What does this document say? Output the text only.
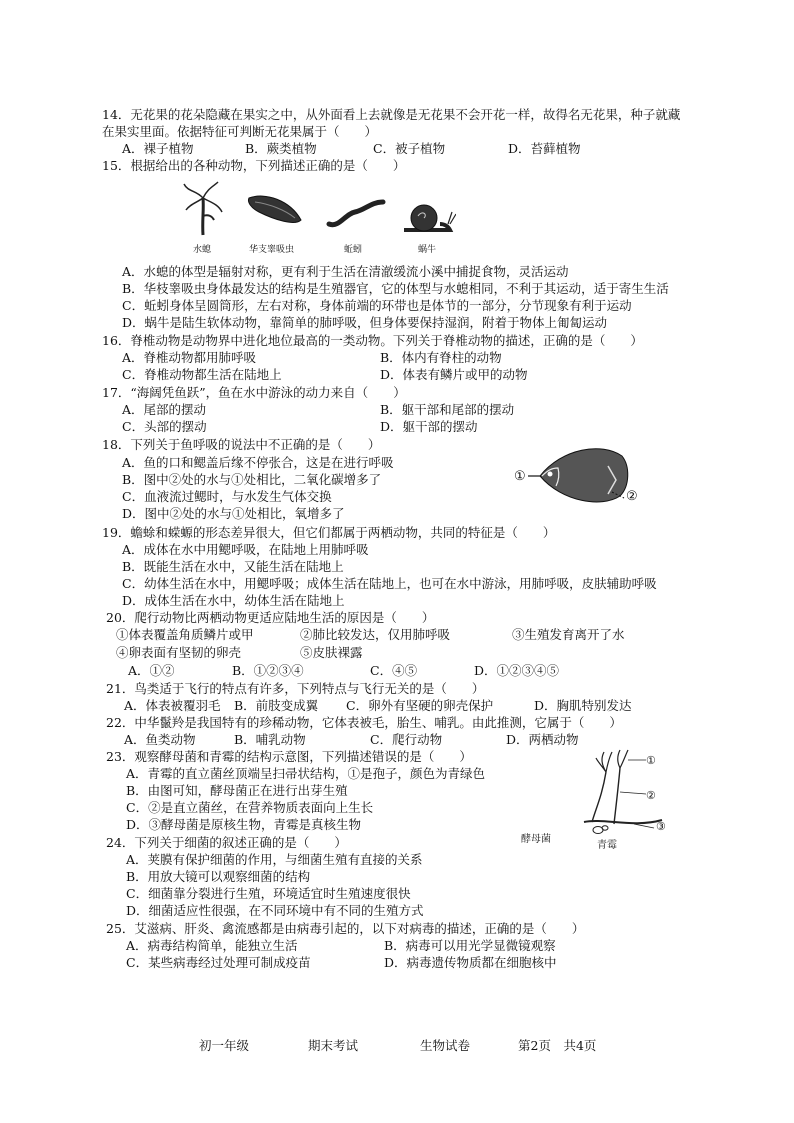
14．无花果的花朵隐藏在果实之中，从外面看上去就像是无花果不会开花一样，故得名无花果，种子就藏
在果实里面。依据特征可判断无花果属于（　　）
A．裸子植物	B．蕨类植物	C．被子植物	D．苔藓植物
15．根据给出的各种动物，下列描述正确的是（　　）
水螅	华支睾吸虫	蚯蚓	蜗牛
A．水螅的体型是辐射对称，更有利于生活在清澈缓流小溪中捕捉食物，灵活运动
B．华枝睾吸虫身体最发达的结构是生殖器官，它的体型与水螅相同，不利于其运动，适于寄生生活
C．蚯蚓身体呈圆筒形，左右对称，身体前端的环带也是体节的一部分，分节现象有利于运动
D．蜗牛是陆生软体动物，靠简单的肺呼吸，但身体要保持湿润，附着于物体上匍匐运动
16．脊椎动物是动物界中进化地位最高的一类动物。下列关于脊椎动物的描述，正确的是（　　）
A．脊椎动物都用肺呼吸	B．体内有脊柱的动物
C．脊椎动物都生活在陆地上	D．体表有鳞片或甲的动物
17．“海阔凭鱼跃”，鱼在水中游泳的动力来自（　　）
A．尾部的摆动	B．躯干部和尾部的摆动
C．头部的摆动	D．躯干部的摆动
18．下列关于鱼呼吸的说法中不正确的是（　　）
A．鱼的口和鳃盖后缘不停张合，这是在进行呼吸
B．图中②处的水与①处相比，二氧化碳增多了
C．血液流过鳃时，与水发生气体交换
D．图中②处的水与①处相比，氧增多了
①
②
19．蟾蜍和蝾螈的形态差异很大，但它们都属于两栖动物，共同的特征是（　　）
A．成体在水中用鳃呼吸，在陆地上用肺呼吸
B．既能生活在水中，又能生活在陆地上
C．幼体生活在水中，用鳃呼吸；成体生活在陆地上，也可在水中游泳，用肺呼吸，皮肤辅助呼吸
D．成体生活在水中，幼体生活在陆地上
20．爬行动物比两栖动物更适应陆地生活的原因是（　　）
①体表覆盖角质鳞片或甲	②肺比较发达，仅用肺呼吸	③生殖发育离开了水
④卵表面有坚韧的卵壳	⑤皮肤裸露
A．①②	B．①②③④	C．④⑤	D．①②③④⑤
21．鸟类适于飞行的特点有许多，下列特点与飞行无关的是（　　）
A．体表被覆羽毛 B．前肢变成翼 C．卵外有坚硬的卵壳保护	D．胸肌特别发达
22．中华鬣羚是我国特有的珍稀动物，它体表被毛，胎生、哺乳。由此推测，它属于（　　）
A．鱼类动物	B．哺乳动物	C．爬行动物	D．两栖动物
23．观察酵母菌和青霉的结构示意图，下列描述错误的是（　　）
A．青霉的直立菌丝顶端呈扫帚状结构，①是孢子，颜色为青绿色
B．由图可知，酵母菌正在进行出芽生殖
C．②是直立菌丝，在营养物质表面向上生长
D．③酵母菌是原核生物，青霉是真核生物
①
②
③
酵母菌
青霉
24．下列关于细菌的叙述正确的是（　　）
A．荚膜有保护细菌的作用，与细菌生殖有直接的关系
B．用放大镜可以观察细菌的结构
C．细菌靠分裂进行生殖，环境适宜时生殖速度很快
D．细菌适应性很强，在不同环境中有不同的生殖方式
25．艾滋病、肝炎、禽流感都是由病毒引起的，以下对病毒的描述，正确的是（　　）
A．病毒结构简单，能独立生活	B．病毒可以用光学显微镜观察
C．某些病毒经过处理可制成疫苗	D．病毒遗传物质都在细胞核中
初一年级	期末考试	生物试卷	第2页　共4页
